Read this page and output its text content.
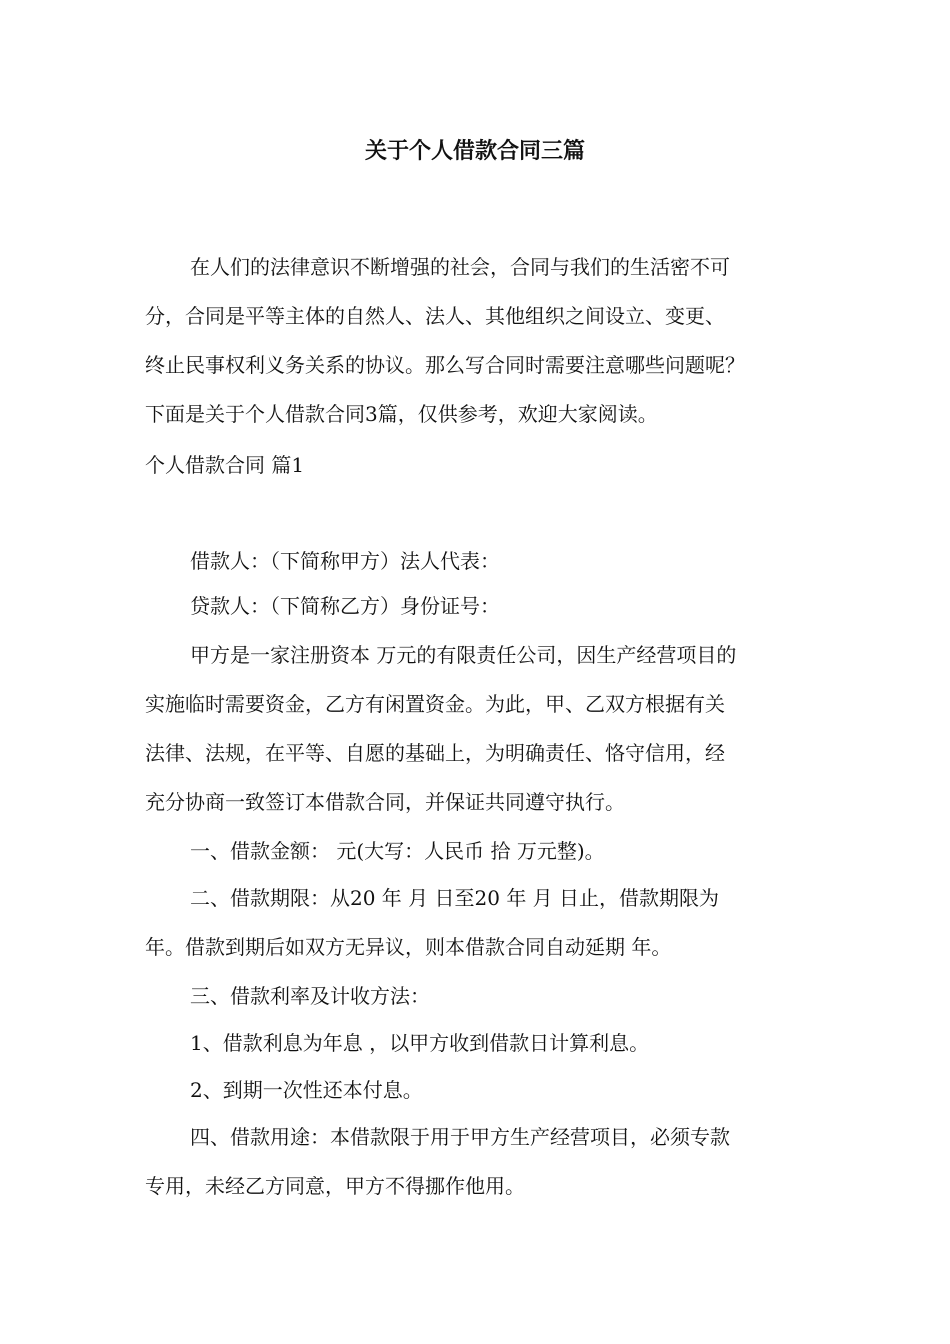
关于个人借款合同三篇
在人们的法律意识不断增强的社会，合同与我们的生活密不可
分，合同是平等主体的自然人、法人、其他组织之间设立、变更、
终止民事权利义务关系的协议。那么写合同时需要注意哪些问题呢？
下面是关于个人借款合同3篇，仅供参考，欢迎大家阅读。
个人借款合同 篇1
借款人：（下简称甲方）法人代表：
贷款人：（下简称乙方）身份证号：
甲方是一家注册资本 万元的有限责任公司，因生产经营项目的
实施临时需要资金，乙方有闲置资金。为此，甲、乙双方根据有关
法律、法规，在平等、自愿的基础上，为明确责任、恪守信用，经
充分协商一致签订本借款合同，并保证共同遵守执行。
一、借款金额： 元(大写：人民币 拾 万元整)。
二、借款期限：从20 年 月 日至20 年 月 日止，借款期限为
年。借款到期后如双方无异议，则本借款合同自动延期 年。
三、借款利率及计收方法：
1、借款利息为年息 ，以甲方收到借款日计算利息。
2、到期一次性还本付息。
四、借款用途：本借款限于用于甲方生产经营项目，必须专款
专用，未经乙方同意，甲方不得挪作他用。
